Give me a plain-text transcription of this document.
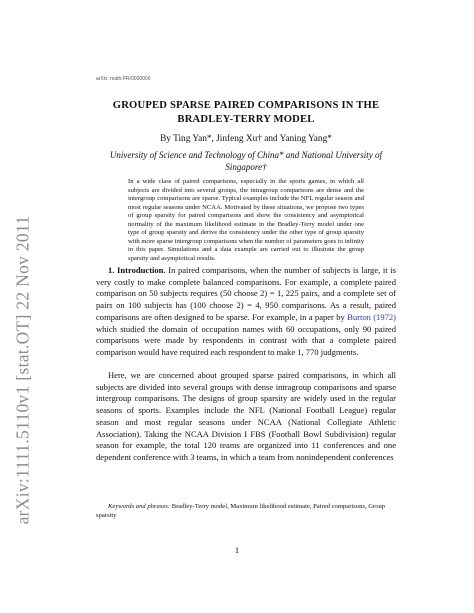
arXiv:1111.5110v1 [stat.OT] 22 Nov 2011
arXiv: math.PR/0000000
GROUPED SPARSE PAIRED COMPARISONS IN THE
BRADLEY-TERRY MODEL
By Ting Yan*, Jinfeng Xu† and Yaning Yang*
University of Science and Technology of China* and National University of Singapore†

In a wide class of paired comparisons, especially in the sports games, in which all subjects are divided into several groups, the intragroup comparisons are dense and the intergroup comparisons are sparse. Typical examples include the NFL regular season and most regular seasons under NCAA. Motivated by these situations, we propose two types of group sparsity for paired comparisons and show the consistency and asymptotical normality of the maximum likelihood estimate in the Bradley-Terry model under one type of group sparsity and derive the consistency under the other type of group sparsity with more sparse intergroup comparisons when the number of parameters goes to infinity in this paper. Simulations and a data example are carried out to illustrate the group sparsity and asymptotical results.

1. Introduction. In paired comparisons, when the number of subjects is large, it is very costly to make complete balanced comparisons. For example, a complete paired comparison on 50 subjects requires (50 choose 2) = 1, 225 pairs, and a complete set of pairs on 100 subjects has (100 choose 2) = 4, 950 comparisons. As a result, paired comparisons are often designed to be sparse. For example, in a paper by Burton (1972) which studied the domain of occupation names with 60 occupations, only 90 paired comparisons were made by respondents in contrast with that a complete paired comparison would have required each respondent to make 1, 770 judgments.

Here, we are concerned about grouped sparse paired comparisons, in which all subjects are divided into several groups with dense intragroup comparisons and sparse intergroup comparisons. The designs of group sparsity are widely used in the regular seasons of sports. Examples include the NFL (National Football League) regular season and most regular seasons under NCAA (National Collegiate Athletic Association). Taking the NCAA Division I FBS (Football Bowl Subdivision) regular season for example, the total 120 teams are organized into 11 conferences and one dependent conference with 3 teams, in which a team from nonindependent conferences

Keywords and phrases: Bradley-Terry model, Maximum likelihood estimate, Paired comparisons, Group sparsity

1
